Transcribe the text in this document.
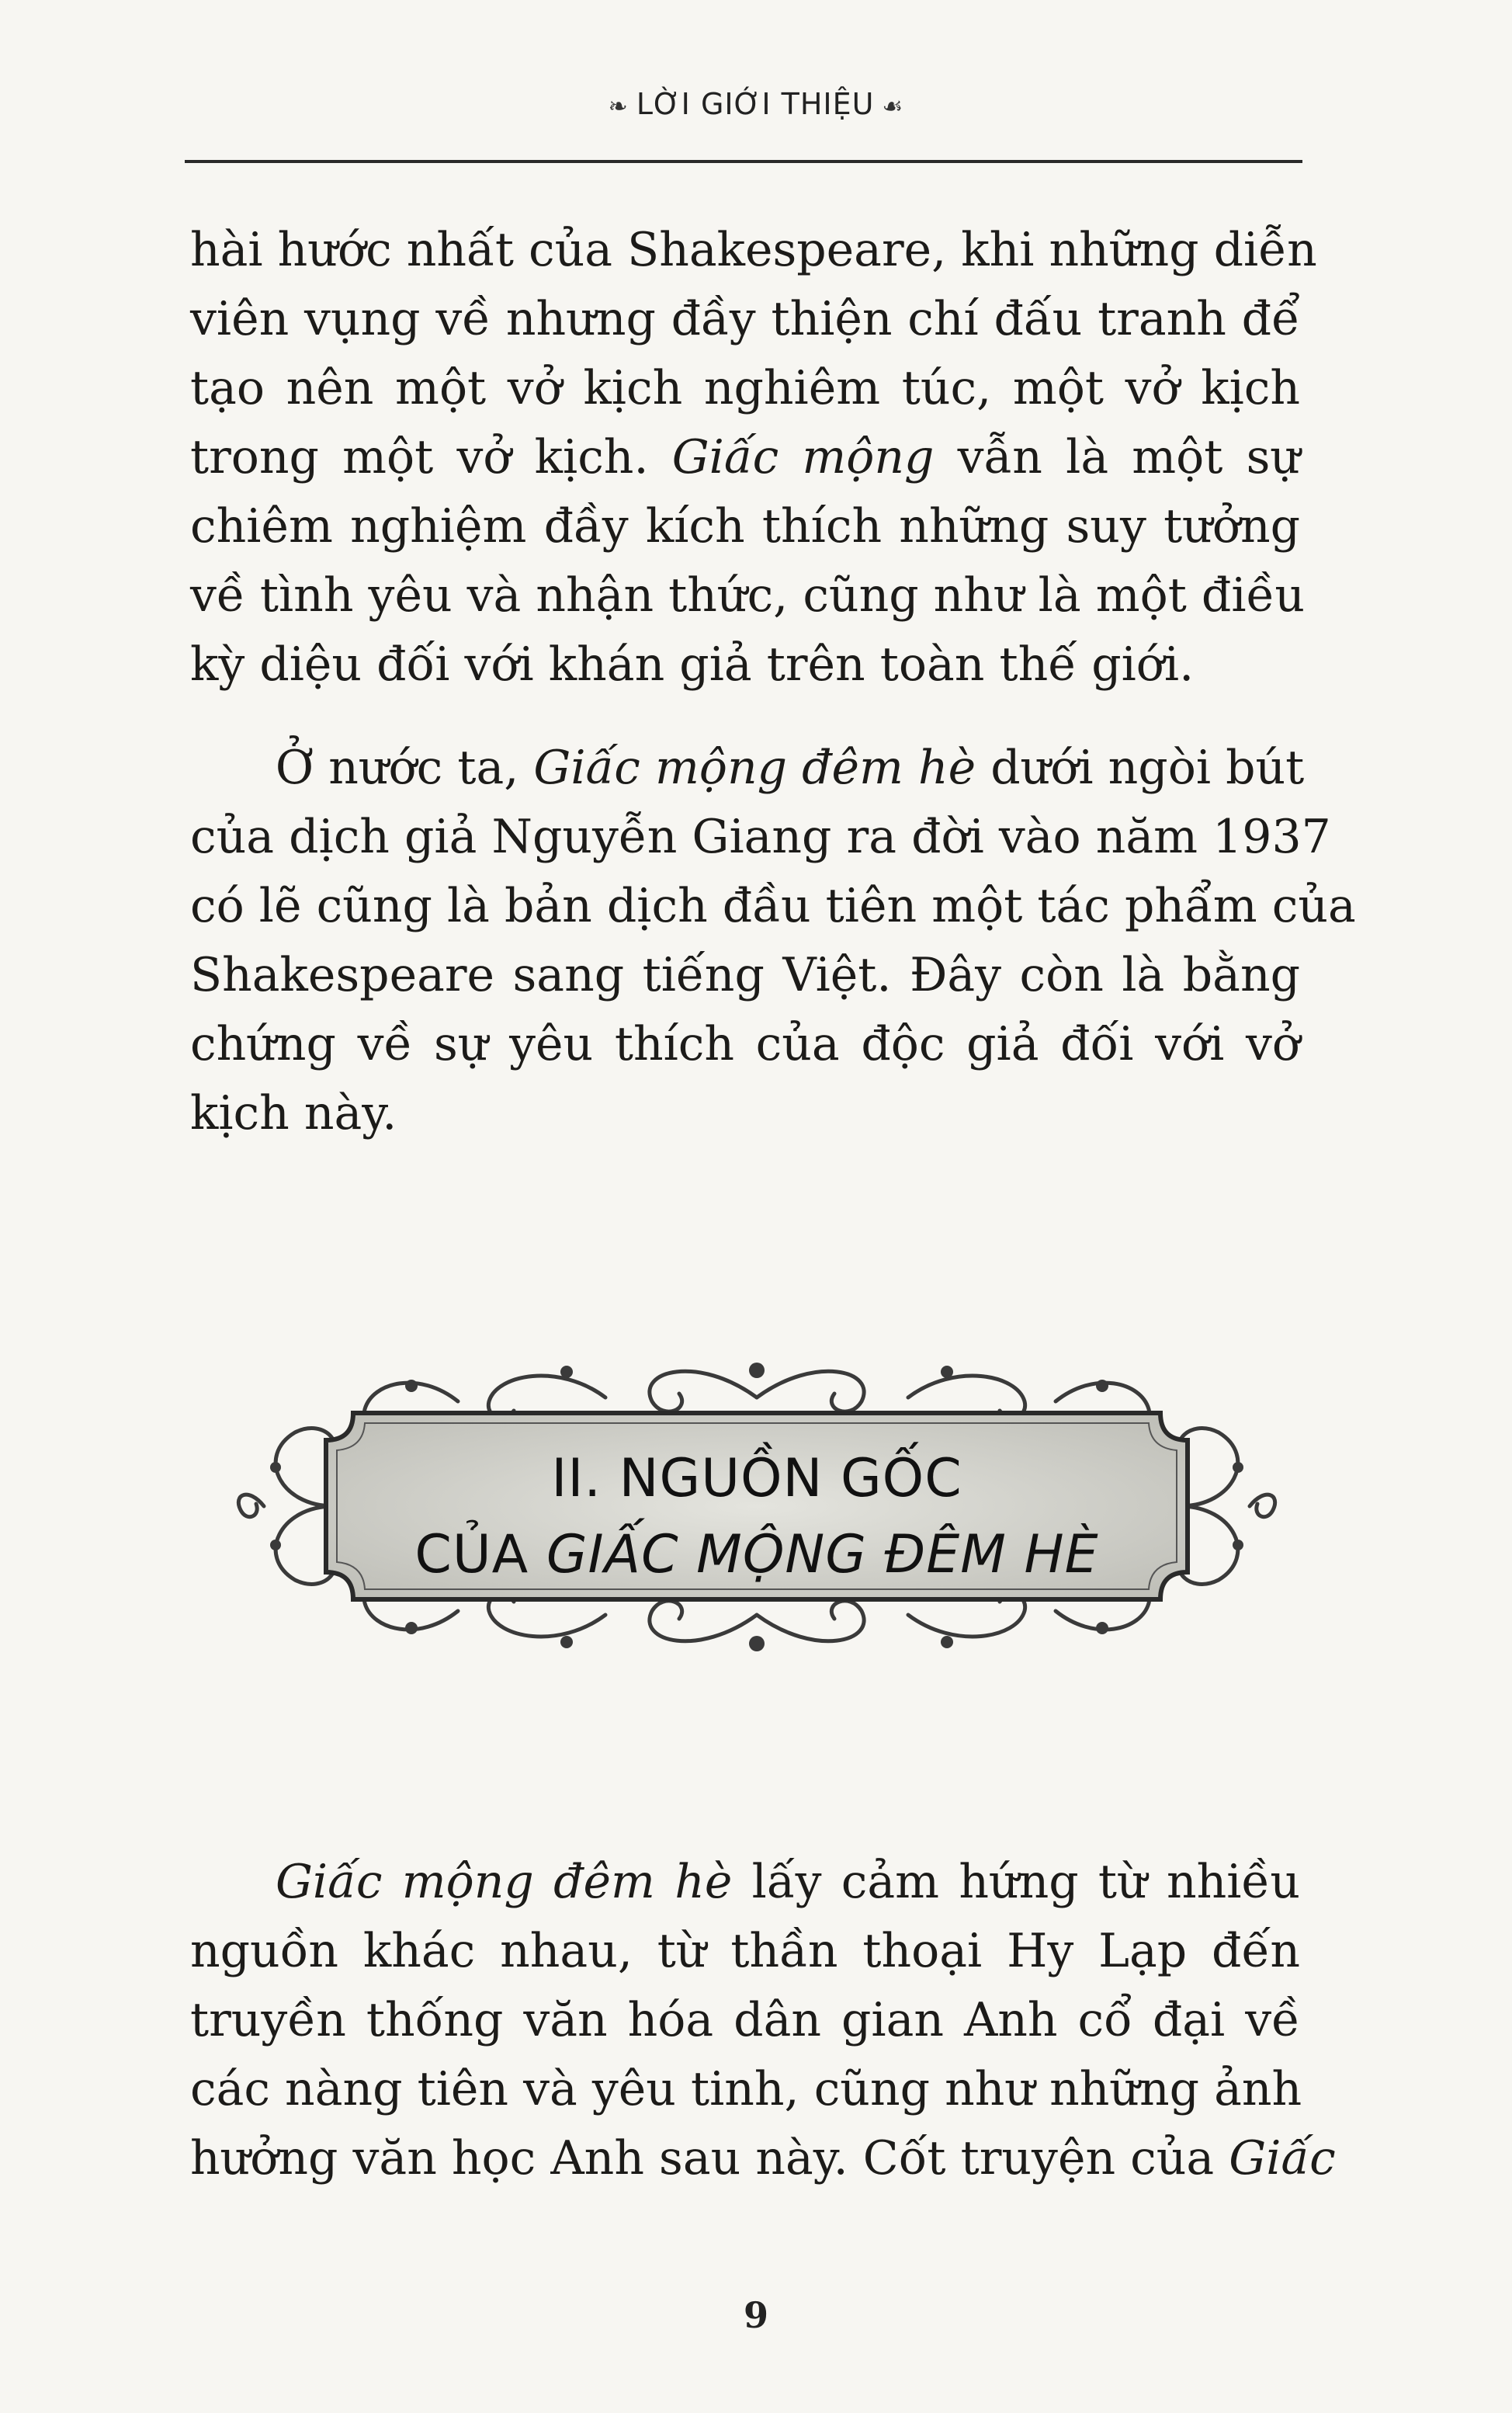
❧ LỜI GIỚI THIỆU ☙
hài hước nhất của Shakespeare, khi những diễn
viên vụng về nhưng đầy thiện chí đấu tranh để
tạo nên một vở kịch nghiêm túc, một vở kịch
trong một vở kịch. Giấc mộng vẫn là một sự
chiêm nghiệm đầy kích thích những suy tưởng
về tình yêu và nhận thức, cũng như là một điều
kỳ diệu đối với khán giả trên toàn thế giới.
Ở nước ta, Giấc mộng đêm hè dưới ngòi bút
của dịch giả Nguyễn Giang ra đời vào năm 1937
có lẽ cũng là bản dịch đầu tiên một tác phẩm của
Shakespeare sang tiếng Việt. Đây còn là bằng
chứng về sự yêu thích của độc giả đối với vở
kịch này.
II. NGUỒN GỐC
CỦA GIẤC MỘNG ĐÊM HÈ
Giấc mộng đêm hè lấy cảm hứng từ nhiều
nguồn khác nhau, từ thần thoại Hy Lạp đến
truyền thống văn hóa dân gian Anh cổ đại về
các nàng tiên và yêu tinh, cũng như những ảnh
hưởng văn học Anh sau này. Cốt truyện của Giấc
9
